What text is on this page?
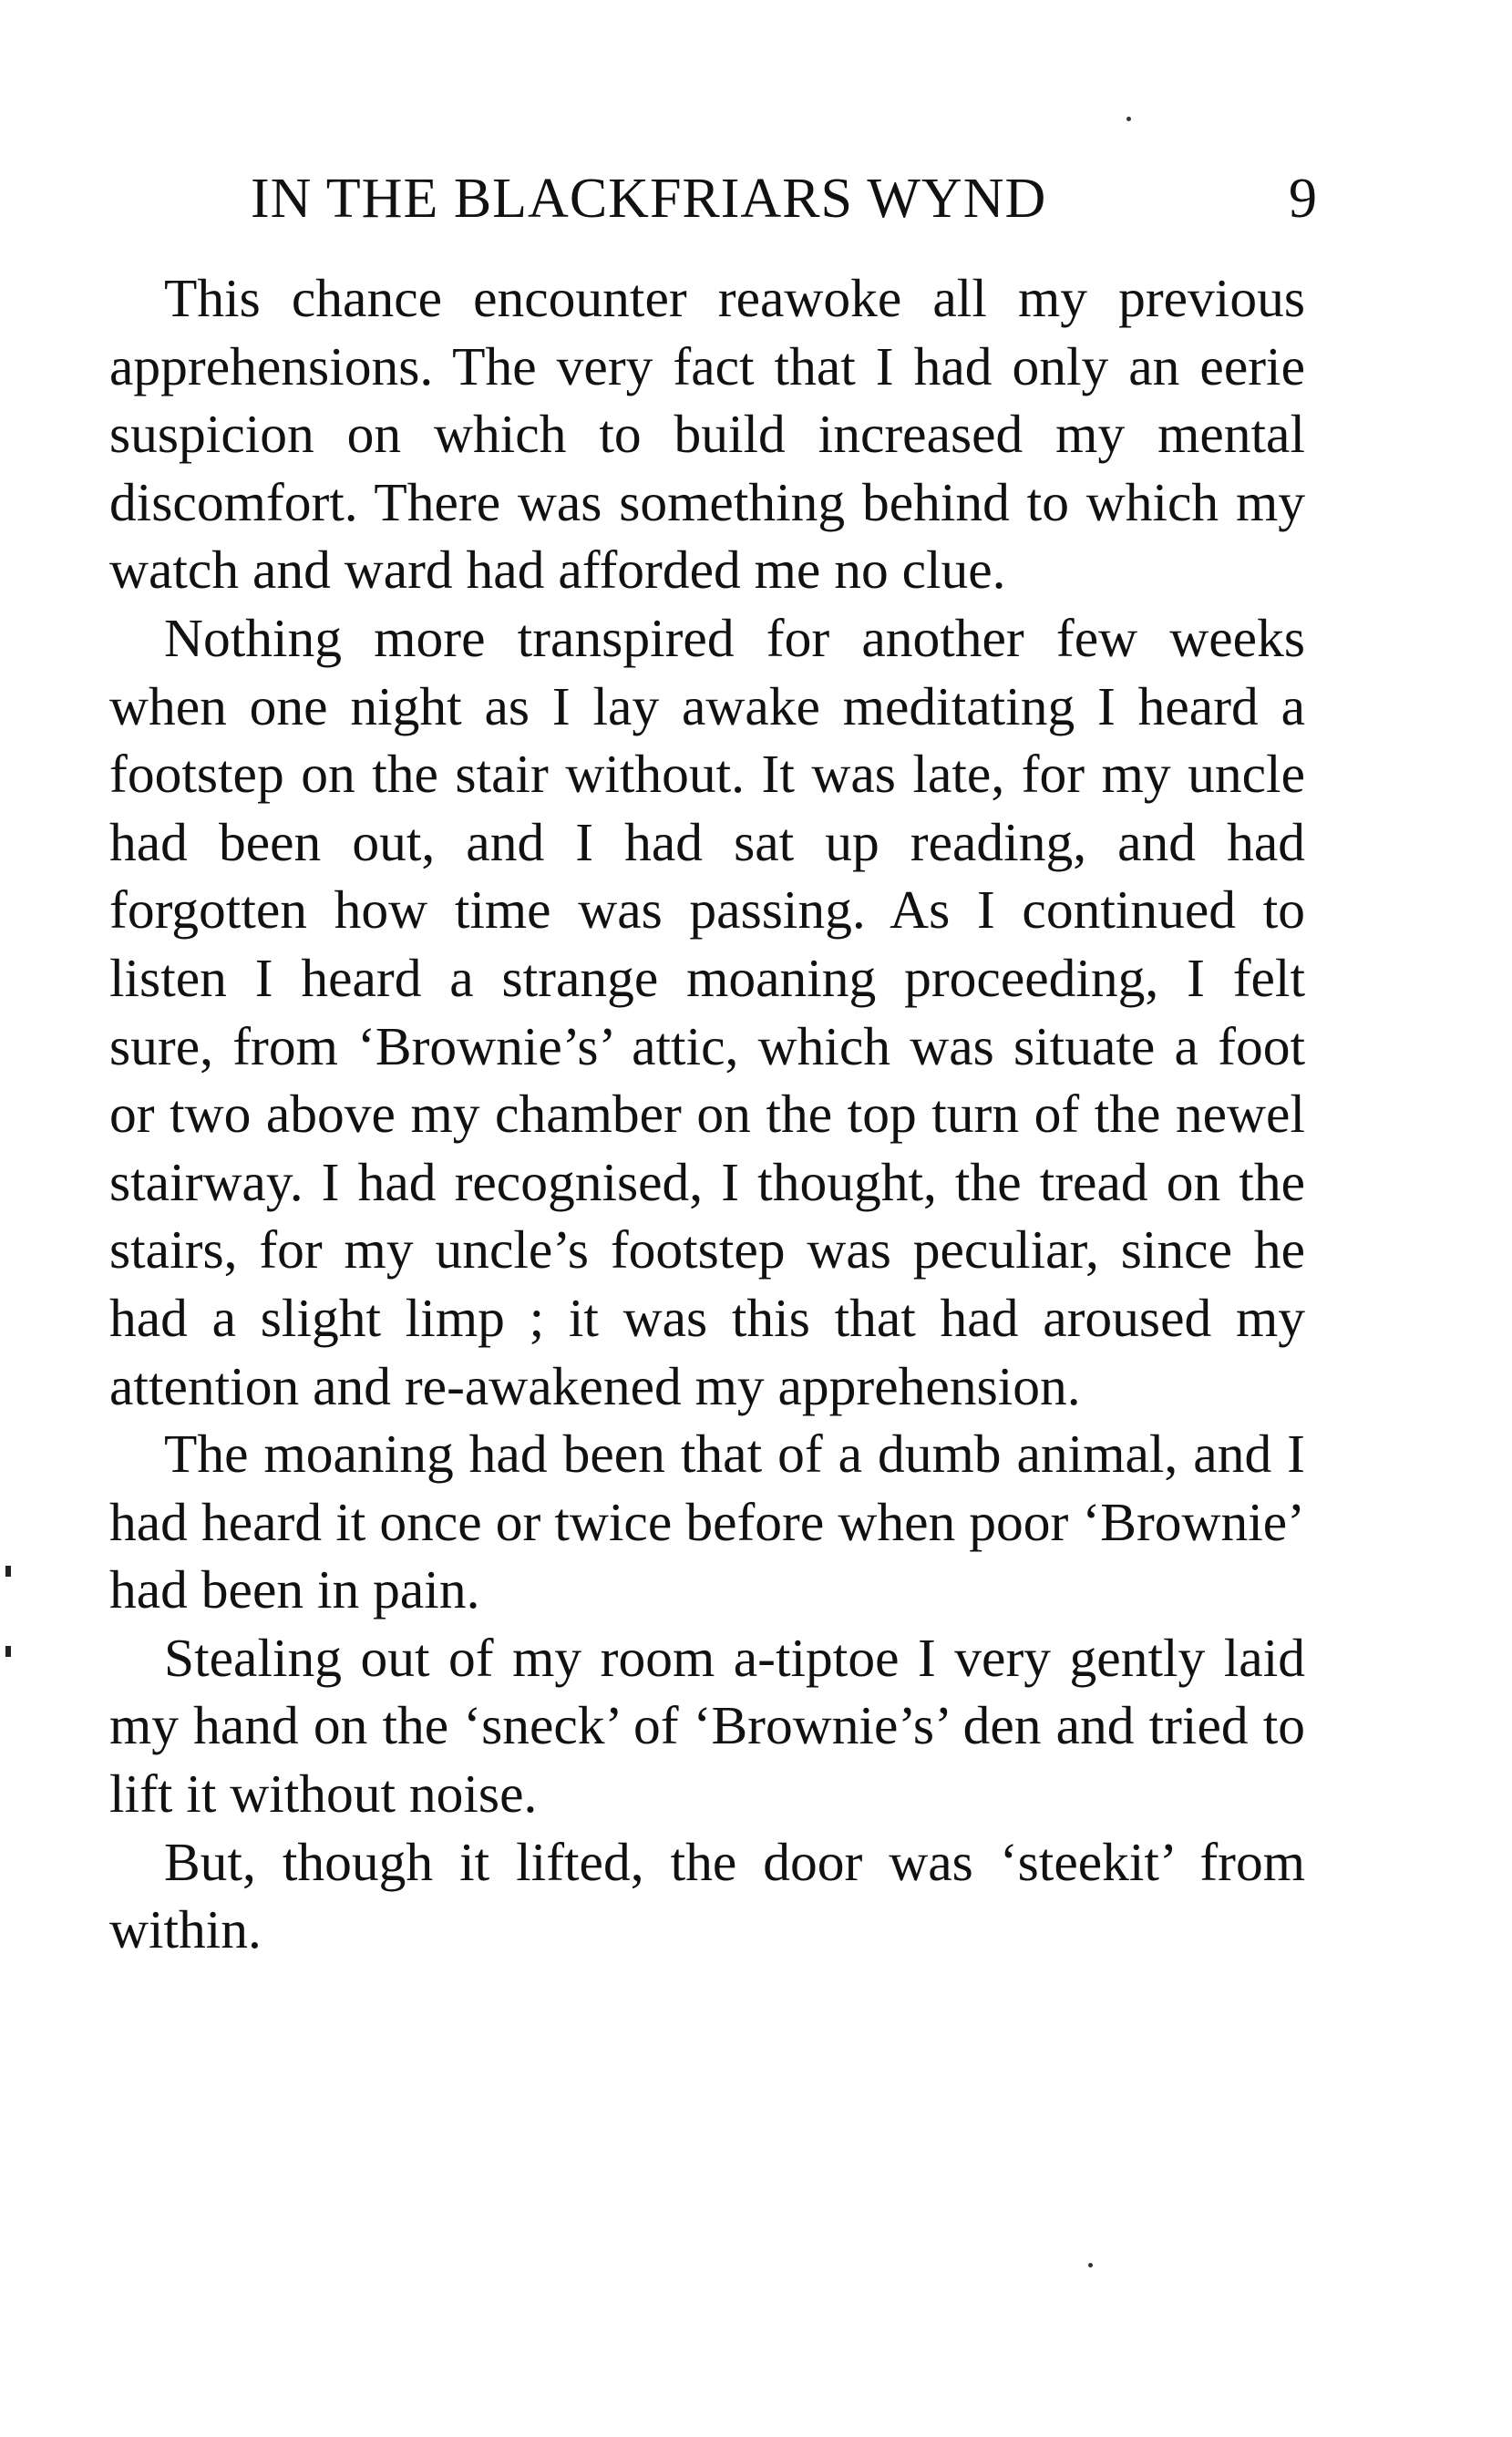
IN THE BLACKFRIARS WYND	9

This chance encounter reawoke all my previous apprehensions. The very fact that I had only an eerie suspicion on which to build increased my mental discomfort. There was something behind to which my watch and ward had afforded me no clue.

Nothing more transpired for another few weeks when one night as I lay awake meditating I heard a footstep on the stair without. It was late, for my uncle had been out, and I had sat up reading, and had forgotten how time was passing. As I continued to listen I heard a strange moaning proceeding, I felt sure, from ‘Brownie’s’ attic, which was situate a foot or two above my chamber on the top turn of the newel stairway. I had recognised, I thought, the tread on the stairs, for my uncle’s footstep was peculiar, since he had a slight limp ; it was this that had aroused my attention and re-awakened my apprehension.

The moaning had been that of a dumb animal, and I had heard it once or twice before when poor ‘Brownie’ had been in pain.

Stealing out of my room a-tiptoe I very gently laid my hand on the ‘sneck’ of ‘Brownie’s’ den and tried to lift it without noise.

But, though it lifted, the door was ‘steekit’ from within.
